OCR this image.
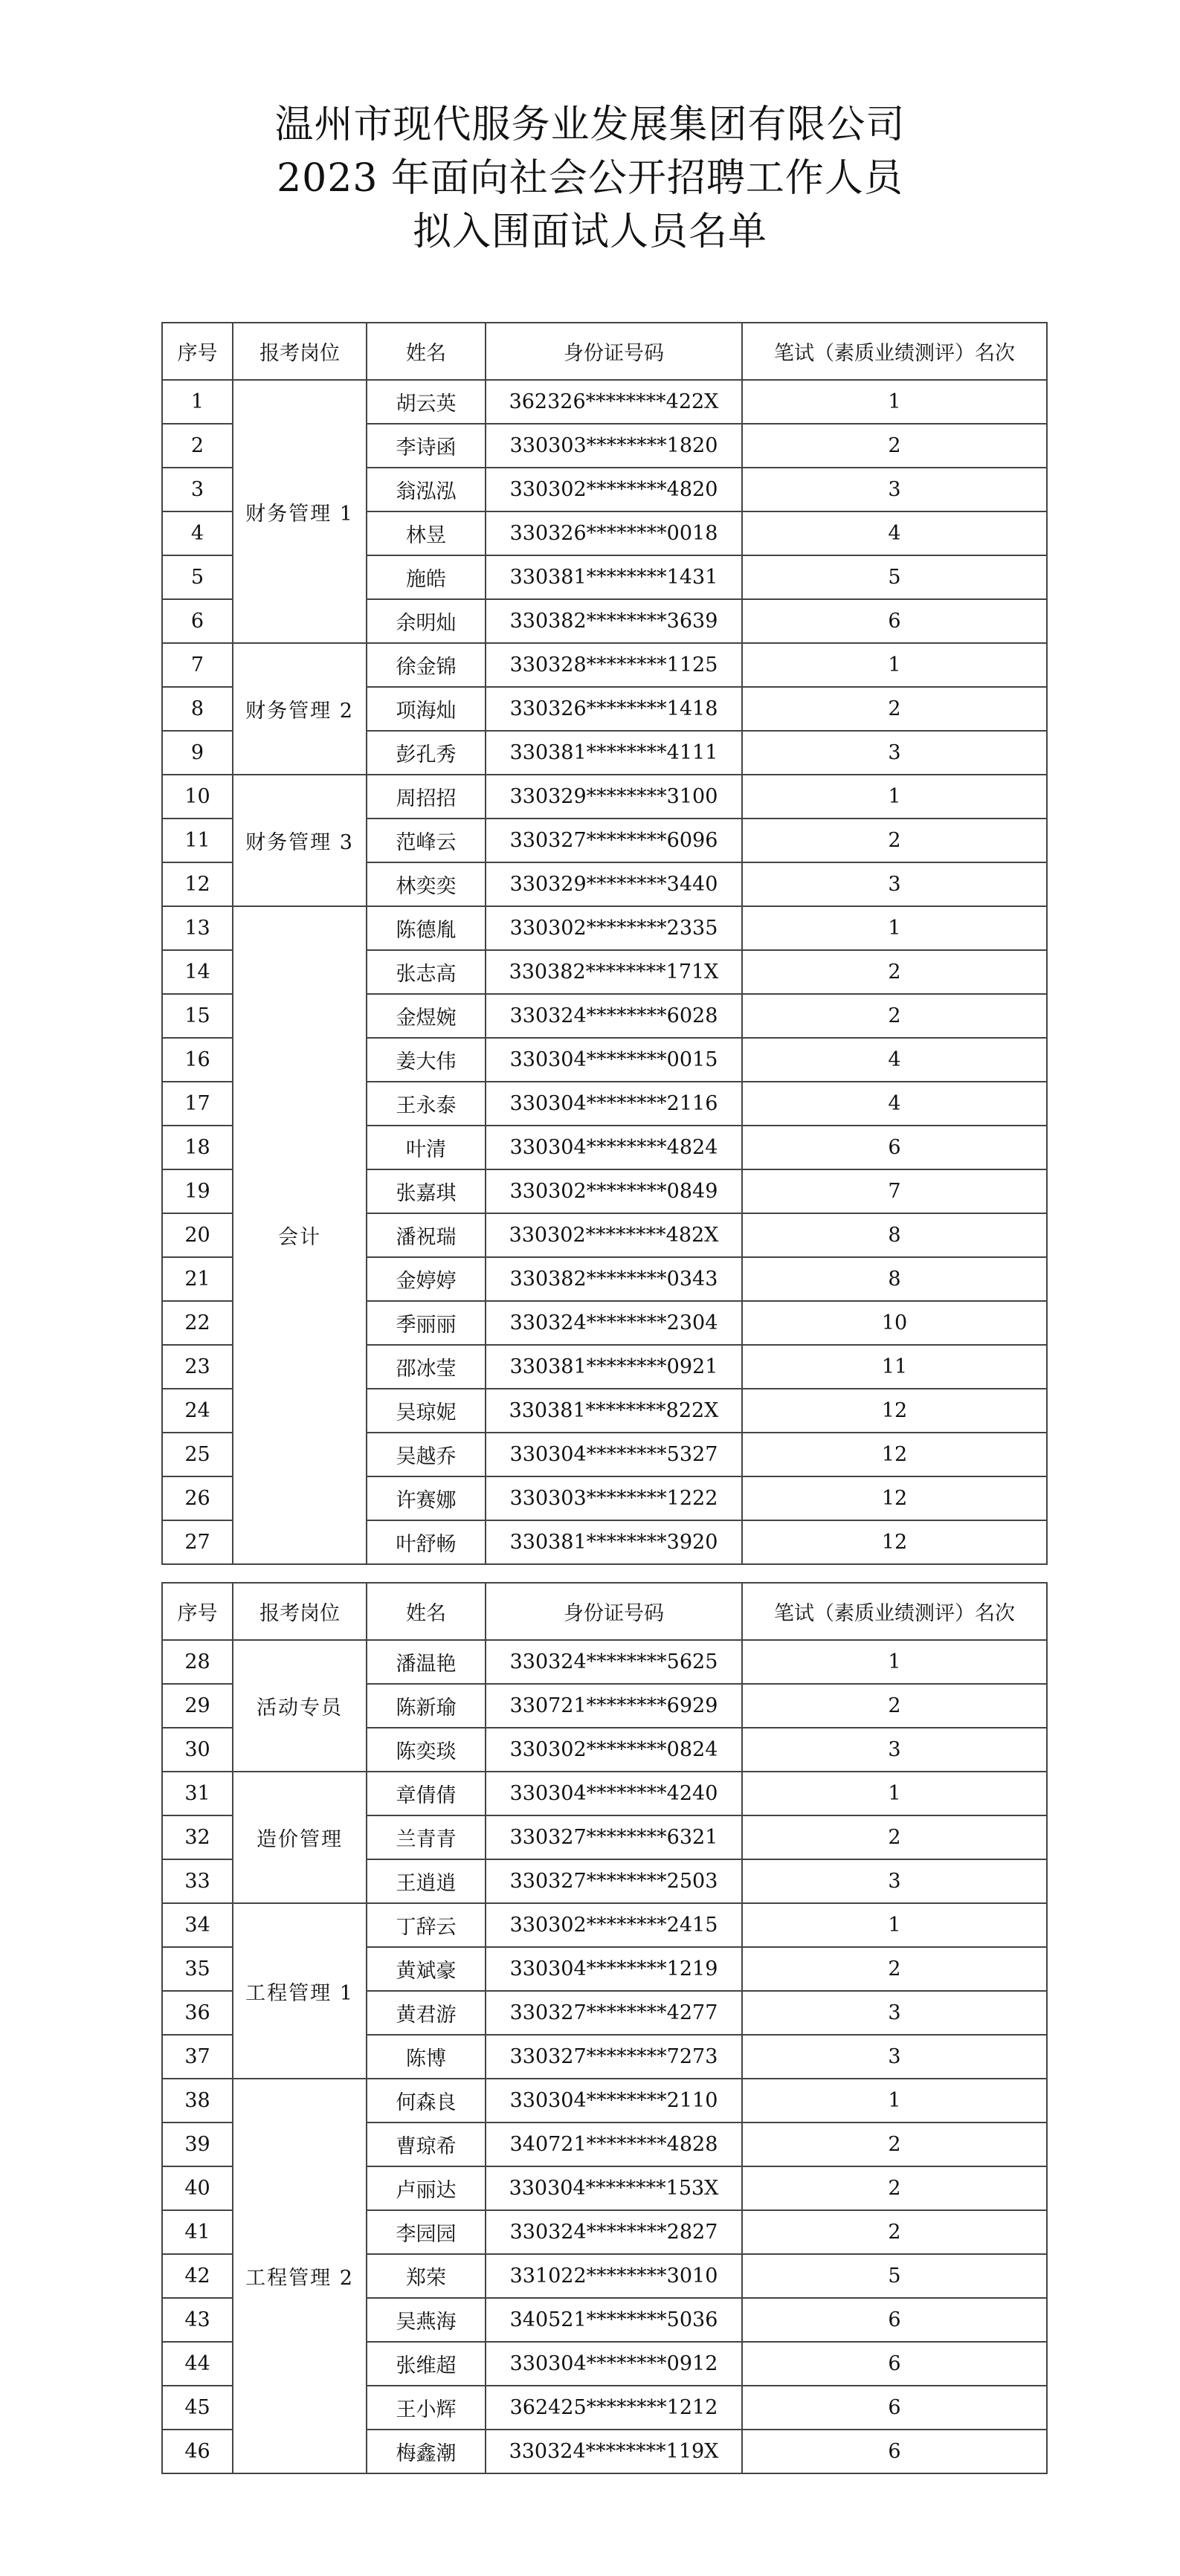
温州市现代服务业发展集团有限公司
2023 年面向社会公开招聘工作人员
拟入围面试人员名单
序号	报考岗位	姓名	身份证号码	笔试（素质业绩测评）名次
1	财务管理 1	胡云英	362326********422X	1
2		李诗函	330303********1820	2
3		翁泓泓	330302********4820	3
4		林昱	330326********0018	4
5		施皓	330381********1431	5
6		余明灿	330382********3639	6
7	财务管理 2	徐金锦	330328********1125	1
8		项海灿	330326********1418	2
9		彭孔秀	330381********4111	3
10	财务管理 3	周招招	330329********3100	1
11		范峰云	330327********6096	2
12		林奕奕	330329********3440	3
13	会计	陈德胤	330302********2335	1
14		张志高	330382********171X	2
15		金煜婉	330324********6028	2
16		姜大伟	330304********0015	4
17		王永泰	330304********2116	4
18		叶清	330304********4824	6
19		张嘉琪	330302********0849	7
20		潘祝瑞	330302********482X	8
21		金婷婷	330382********0343	8
22		季丽丽	330324********2304	10
23		邵冰莹	330381********0921	11
24		吴琼妮	330381********822X	12
25		吴越乔	330304********5327	12
26		许赛娜	330303********1222	12
27		叶舒畅	330381********3920	12
序号	报考岗位	姓名	身份证号码	笔试（素质业绩测评）名次
28	活动专员	潘温艳	330324********5625	1
29		陈新瑜	330721********6929	2
30		陈奕琰	330302********0824	3
31	造价管理	章倩倩	330304********4240	1
32		兰青青	330327********6321	2
33		王逍逍	330327********2503	3
34	工程管理 1	丁辞云	330302********2415	1
35		黄斌豪	330304********1219	2
36		黄君游	330327********4277	3
37		陈博	330327********7273	3
38	工程管理 2	何森良	330304********2110	1
39		曹琼希	340721********4828	2
40		卢丽达	330304********153X	2
41		李园园	330324********2827	2
42		郑荣	331022********3010	5
43		吴燕海	340521********5036	6
44		张维超	330304********0912	6
45		王小辉	362425********1212	6
46		梅鑫潮	330324********119X	6
